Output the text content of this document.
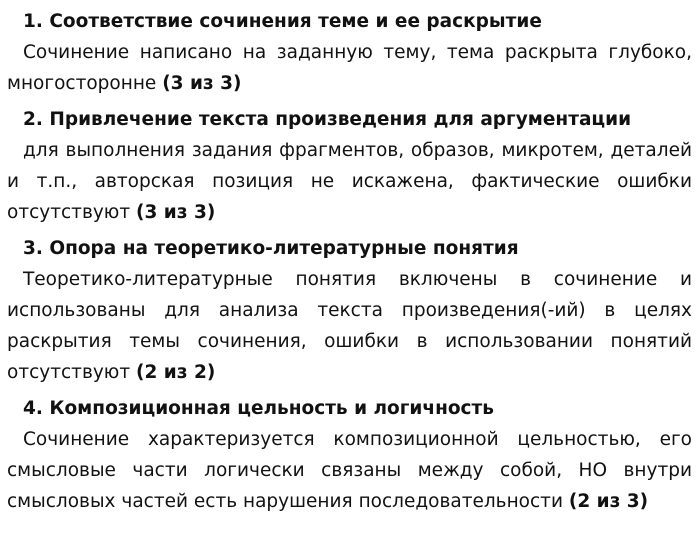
1. Соответствие сочинения теме и ее раскрытие

Сочинение написано на заданную тему, тема раскрыта глубоко, многосторонне (3 из 3)

2. Привлечение текста произведения для аргументации

для выполнения задания фрагментов, образов, микротем, деталей и т.п., авторская позиция не искажена, фактические ошибки отсутствуют (3 из 3)

3. Опора на теоретико-литературные понятия

Теоретико-литературные понятия включены в сочинение и использованы для анализа текста произведения(-ий) в целях раскрытия темы сочинения, ошибки в использовании понятий отсутствуют (2 из 2)

4. Композиционная цельность и логичность

Сочинение характеризуется композиционной цельностью, его смысловые части логически связаны между собой, НО внутри смысловых частей есть нарушения последовательности (2 из 3)
